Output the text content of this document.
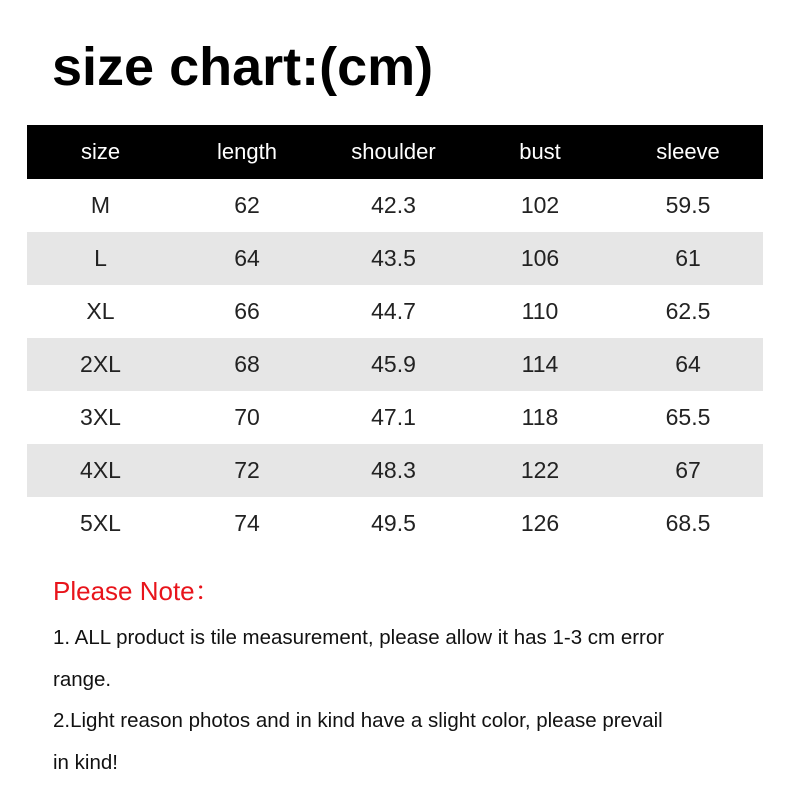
size chart:(cm)
size	length	shoulder	bust	sleeve
M	62	42.3	102	59.5
L	64	43.5	106	61
XL	66	44.7	110	62.5
2XL	68	45.9	114	64
3XL	70	47.1	118	65.5
4XL	72	48.3	122	67
5XL	74	49.5	126	68.5
Please Note：
1. ALL product is tile measurement, please allow it has 1-3 cm error
range.
2.Light reason photos and in kind have a slight color, please prevail
in kind!
